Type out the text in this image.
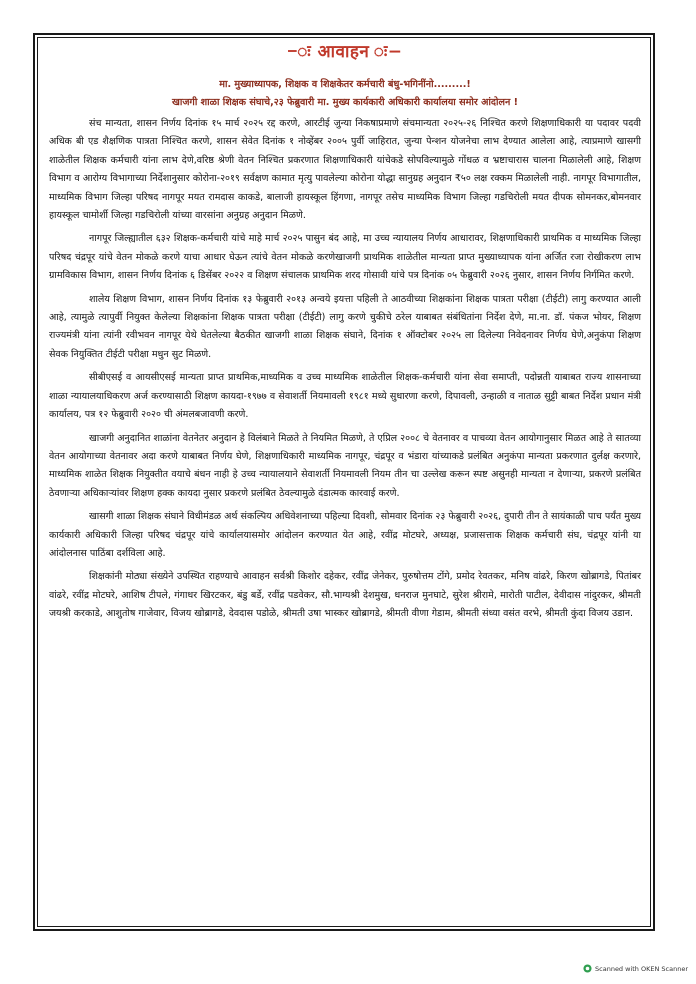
−ः आवाहन ः−
मा. मुख्याध्यापक, शिक्षक व शिक्षकेतर कर्मचारी बंधु-भगिनींनो.........!
खाजगी शाळा शिक्षक संघाचे,२३ फेब्रुवारी मा. मुख्य कार्यकारी अधिकारी कार्यालया समोर आंदोलन !

संच मान्यता, शासन निर्णय दिनांक १५ मार्च २०२५ रद्द करणे, आरटीई जुन्या निकषाप्रमाणे संचमान्यता २०२५-२६ निश्चित करणे शिक्षणाधिकारी या पदावर पदवी अधिक बी एड शैक्षणिक पात्रता निश्चित करणे, शासन सेवेत दिनांक १ नोव्हेंबर २००५ पुर्वी जाहिरात, जुन्या पेन्शन योजनेचा लाभ देण्यात आलेला आहे, त्याप्रमाणे खासगी शाळेतील शिक्षक कर्मचारी यांना लाभ देणे,वरिष्ठ श्रेणी वेतन निश्चित प्रकरणात शिक्षणाधिकारी यांचेकडे सोपविल्यामुळे गोंधळ व भ्रष्टाचारास चालना मिळालेली आहे, शिक्षण विभाग व आरोग्य विभागाच्या निर्देशानुसार कोरोना-२०१९ सर्वक्षण कामात मृत्यु पावलेल्या कोरोना योद्धा सानुग्रह अनुदान ₹५० लक्ष रक्कम मिळालेली नाही. नागपूर विभागातील, माध्यमिक विभाग जिल्हा परिषद नागपूर मयत रामदास काकडे, बालाजी हायस्कूल हिंगणा, नागपूर तसेच माध्यमिक विभाग जिल्हा गडचिरोली मयत दीपक सोमनकर,बोमनवार हायस्कूल चामोर्शी जिल्हा गडचिरोली यांच्या वारसांना अनुग्रह अनुदान मिळणे.

नागपूर जिल्ह्यातील ६३२ शिक्षक-कर्मचारी यांचे माहे मार्च २०२५ पासुन बंद आहे, मा उच्च न्यायालय निर्णय आधारावर, शिक्षणाधिकारी प्राथमिक व माध्यमिक जिल्हा परिषद चंद्रपूर यांचे वेतन मोकळे करणे याचा आधार घेऊन त्यांचे वेतन मोकळे करणेखाजगी प्राथमिक शाळेतील मान्यता प्राप्त मुख्याध्यापक यांना अर्जित रजा रोखीकरण लाभ ग्रामविकास विभाग, शासन निर्णय दिनांक ६ डिसेंबर २०२२ व शिक्षण संचालक प्राथमिक शरद गोसावी यांचे पत्र दिनांक ०५ फेब्रुवारी २०२६ नुसार, शासन निर्णय निर्गमित करणे.

शालेय शिक्षण विभाग, शासन निर्णय दिनांक १३ फेब्रुवारी २०१३ अन्वये इयत्ता पहिली ते आठवीच्या शिक्षकांना शिक्षक पात्रता परीक्षा (टीईटी) लागु करण्यात आली आहे, त्यामुळे त्यापुर्वी नियुक्त केलेल्या शिक्षकांना शिक्षक पात्रता परीक्षा (टीईटी) लागु करणे चुकीचे ठरेल याबाबत संबंधितांना निर्देश देणे, मा.ना. डॉ. पंकज भोयर, शिक्षण राज्यमंत्री यांना त्यांनी रवीभवन नागपूर येथे घेतलेल्या बैठकीत खाजगी शाळा शिक्षक संघाने, दिनांक १ ऑक्टोबर २०२५ ला दिलेल्या निवेदनावर निर्णय घेणे,अनुकंपा शिक्षण सेवक नियुक्तित टीईटी परीक्षा मधुन सुट मिळणे.

सीबीएसई व आयसीएसई मान्यता प्राप्त प्राथमिक,माध्यमिक व उच्च माध्यमिक शाळेतील शिक्षक-कर्मचारी यांना सेवा समाप्ती, पदोन्नती याबाबत राज्य शासनाच्या शाळा न्यायालयाधिकरण अर्ज करण्यासाठी शिक्षण कायदा-१९७७ व सेवाशर्ती नियमावली १९८१ मध्ये सुधारणा करणे, दिपावली, उन्हाळी व नाताळ सुट्टी बाबत निर्देश प्रधान मंत्री कार्यालय, पत्र १२ फेब्रुवारी २०२० ची अंमलबजावणी करणे.

खाजगी अनुदानित शाळांना वेतनेतर अनुदान हे विलंबाने मिळते ते नियमित मिळणे, ते एप्रिल २००८ चे वेतनावर व पाचव्या वेतन आयोगानुसार मिळत आहे ते सातव्या वेतन आयोगाच्या वेतनावर अदा करणे याबाबत निर्णय घेणे, शिक्षणाधिकारी माध्यमिक नागपूर, चंद्रपूर व भंडारा यांच्याकडे प्रलंबित अनुकंपा मान्यता प्रकरणात दुर्लक्ष करणारे, माध्यमिक शाळेत शिक्षक नियुक्तीत वयाचे बंधन नाही हे उच्च न्यायालयाने सेवाशर्ती नियमावली नियम तीन चा उल्लेख करून स्पष्ट असुनही मान्यता न देणाऱ्या, प्रकरणे प्रलंबित ठेवणाऱ्या अधिकाऱ्यांवर शिक्षण हक्क कायदा नुसार प्रकरणे प्रलंबित ठेवल्यामुळे दंडात्मक कारवाई करणे.

खासगी शाळा शिक्षक संघाने विधीमंडळ अर्थ संकल्पिय अधिवेशनाच्या पहिल्या दिवशी, सोमवार दिनांक २३ फेब्रुवारी २०२६, दुपारी तीन ते सायंकाळी पाच पर्यंत मुख्य कार्यकारी अधिकारी जिल्हा परिषद चंद्रपूर यांचे कार्यालयासमोर आंदोलन करण्यात येत आहे, रवींद्र मोटघरे, अध्यक्ष, प्रजासत्ताक शिक्षक कर्मचारी संघ, चंद्रपूर यांनी या आंदोलनास पाठिंबा दर्शविला आहे.

शिक्षकांनी मोठ्या संख्येने उपस्थित राहण्याचे आवाहन सर्वश्री किशोर दहेकर, रवींद्र जेनेकर, पुरुषोत्तम टोंगे, प्रमोद रेवतकर, मनिष वांढरे, किरण खोब्रागडे, पितांबर वांढरे, रवींद्र मोटघरे, आशिष टीपले, गंगाधर खिरटकर, बंडु बर्डे, रवींद्र पडवेकर, सौ.भाग्यश्री देशमुख, धनराज मुनघाटे, सुरेश श्रीरामे, मारोती पाटील, देवीदास नांदुरकर, श्रीमती जयश्री करकाडे, आशुतोष गाजेवार, विजय खोब्रागडे, देवदास पडोळे, श्रीमती उषा भास्कर खोब्रागडे, श्रीमती वीणा गेडाम, श्रीमती संध्या वसंत वरभे, श्रीमती कुंदा विजय उडान.

Scanned with OKEN Scanner
